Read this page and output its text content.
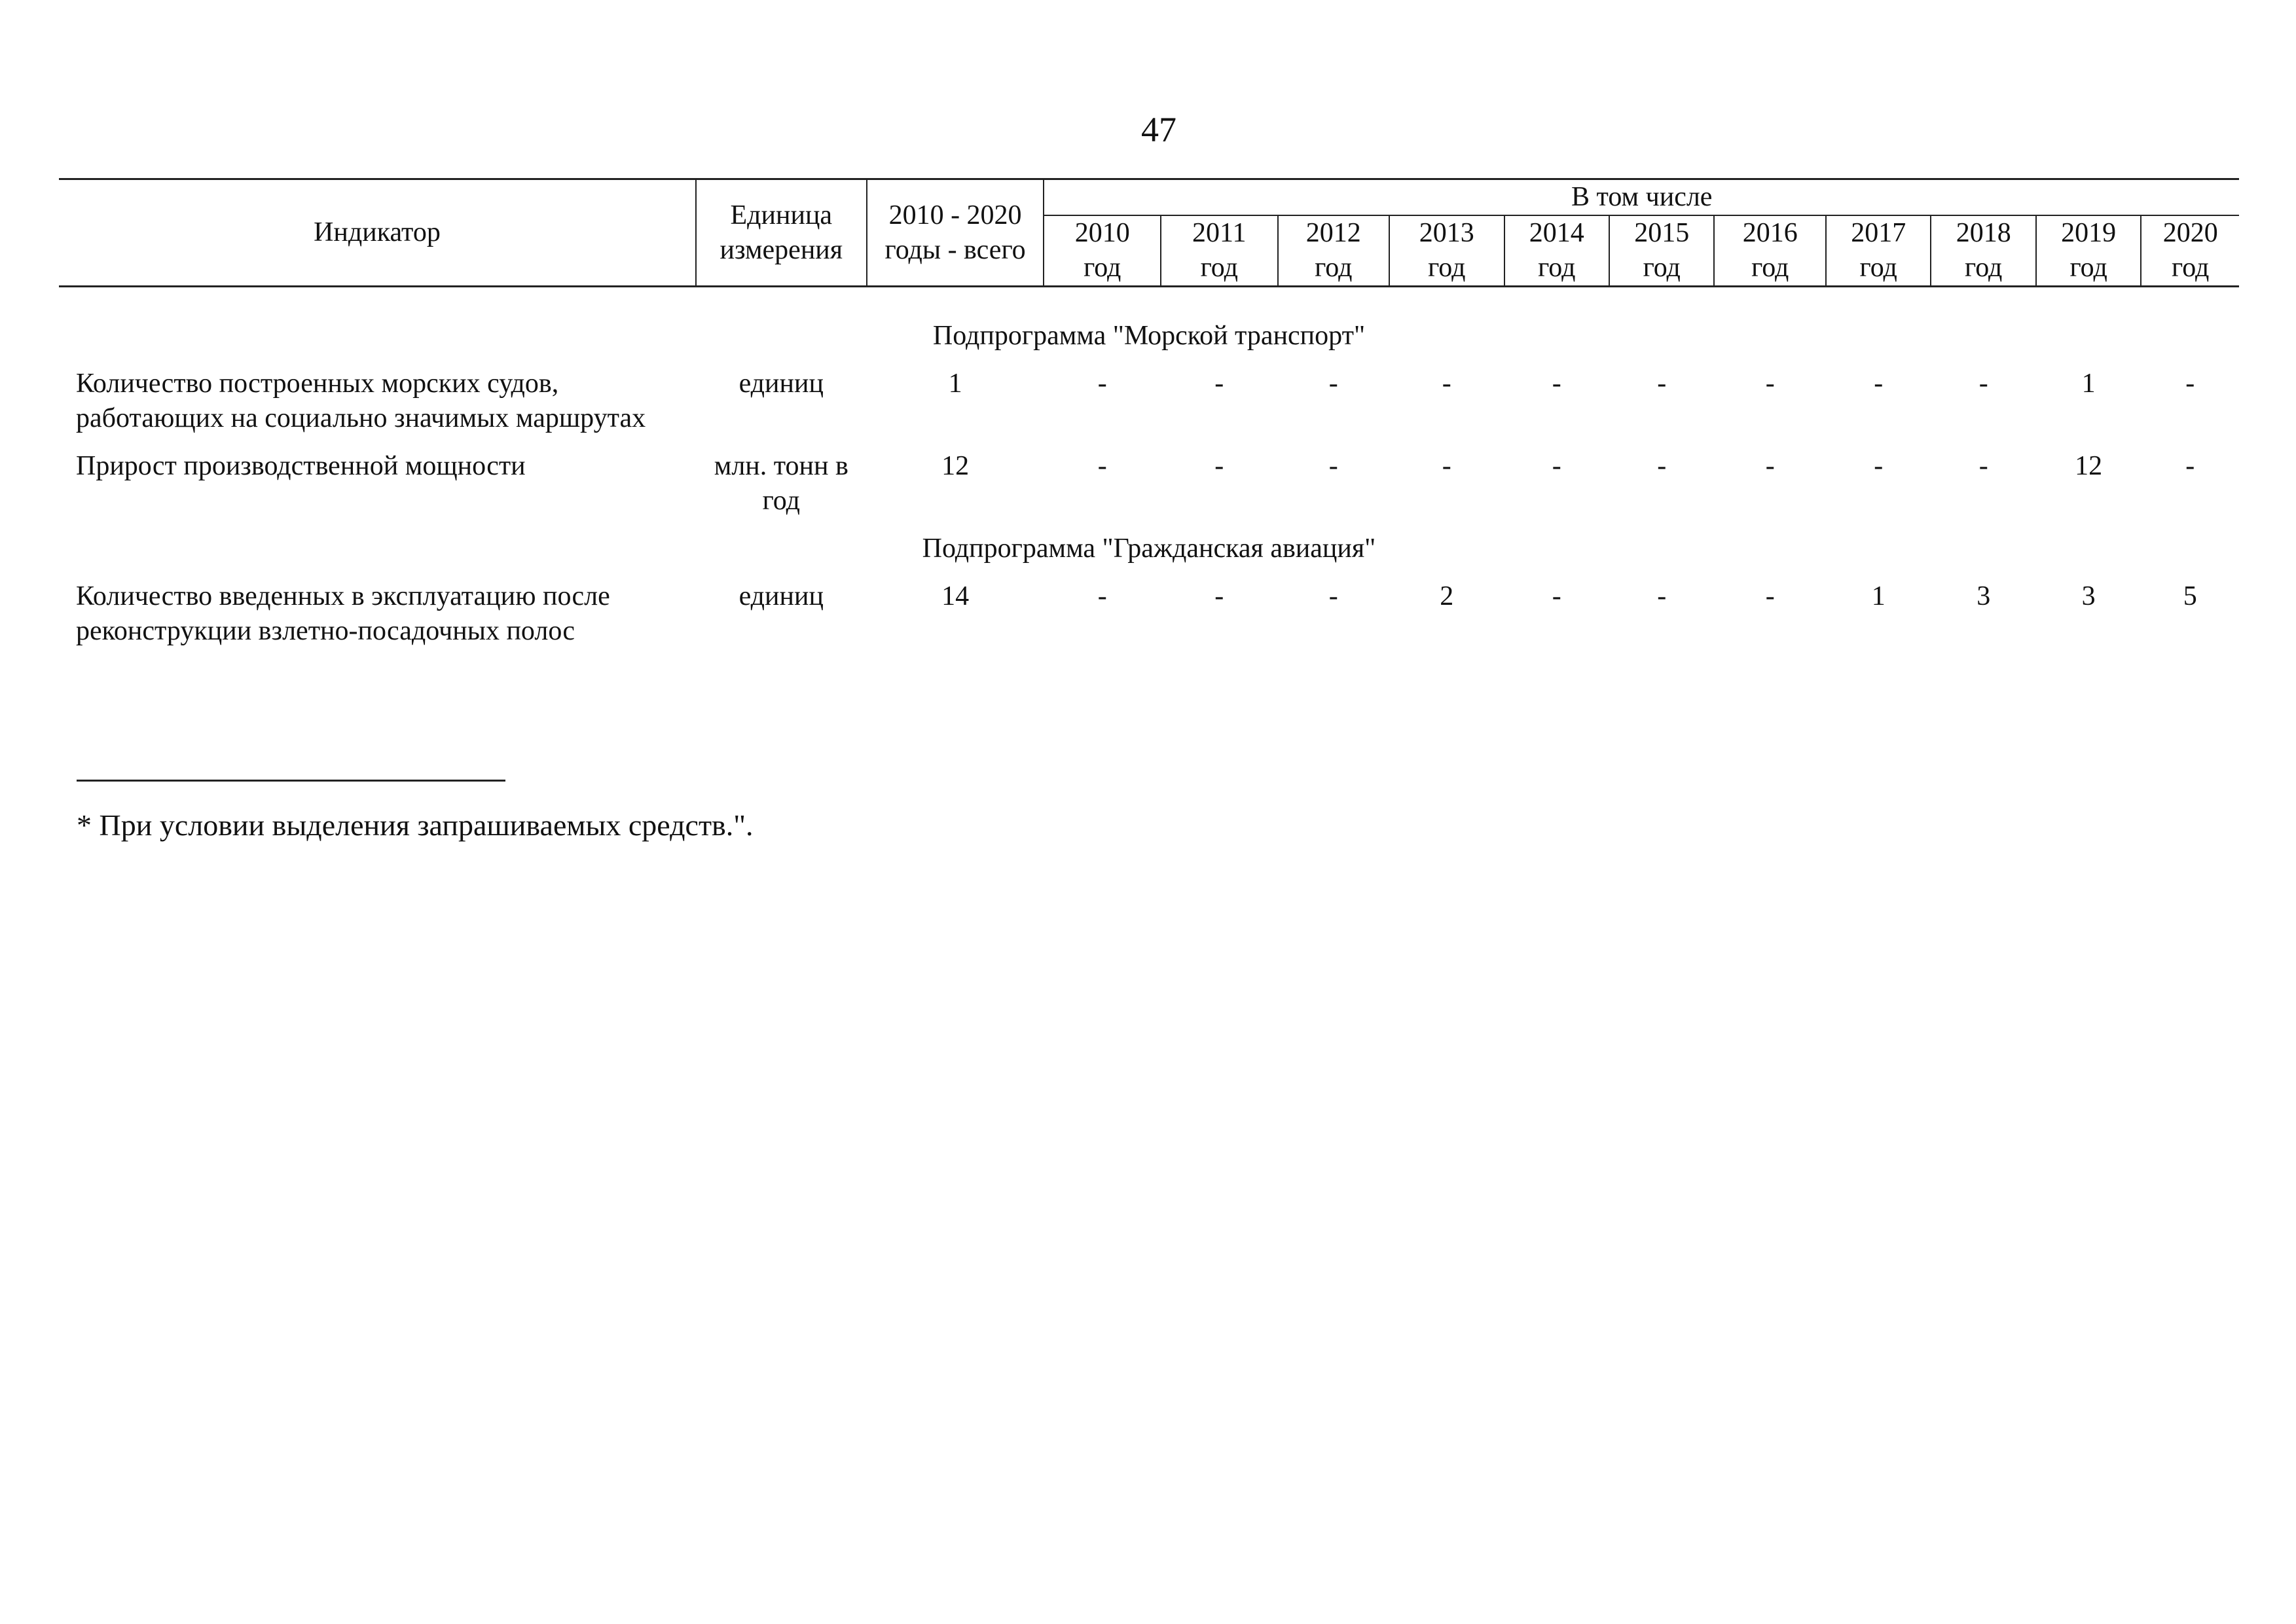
47
Индикатор	Единица измерения	2010 - 2020 годы - всего	В том числе										
			2010	2011	2012	2013	2014	2015	2016	2017	2018	2019	2020
			год	год	год	год	год	год	год	год	год	год	год

Подпрограмма "Морской транспорт"													
Количество построенных морских судов, работающих на социально значимых маршрутах	единиц	1	-	-	-	-	-	-	-	-	-	1	-
Прирост производственной мощности	млн. тонн в год	12	-	-	-	-	-	-	-	-	-	12	-
Подпрограмма "Гражданская авиация"													
Количество введенных в эксплуатацию после реконструкции взлетно-посадочных полос	единиц	14	-	-	-	2	-	-	-	1	3	3	5
* При условии выделения запрашиваемых средств.".
